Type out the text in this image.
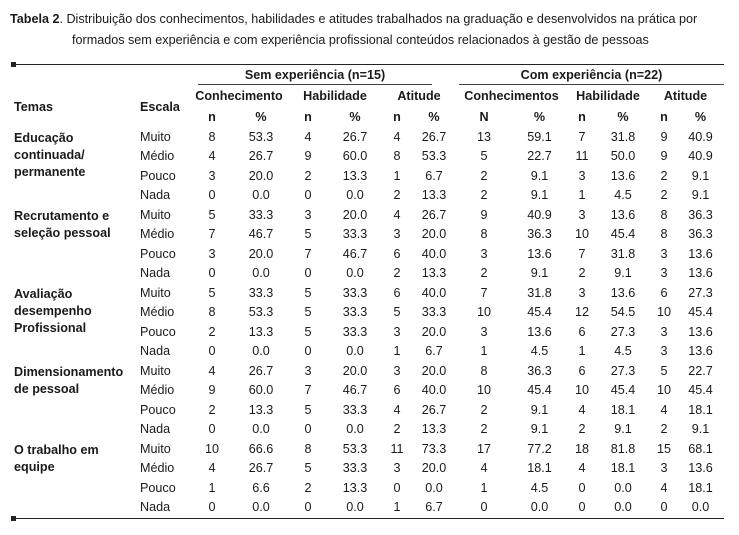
Tabela 2. Distribuição dos conhecimentos, habilidades e atitudes trabalhados na graduação e desenvolvidos na prática por
formados sem experiência e com experiência profissional conteúdos relacionados à gestão de pessoas
Sem experiência (n=15)	Com experiência (n=22)
Temas	Escala	Conhecimento		Habilidade		Atitude		Conhecimentos		Habilidade		Atitude	
		n	%	n	%	n	%	N	%	n	%	n	%

Educação
continuada/
permanente	Muito	8	53.3	4	26.7	4	26.7	13	59.1	7	31.8	9	40.9
	Médio	4	26.7	9	60.0	8	53.3	5	22.7	11	50.0	9	40.9
	Pouco	3	20.0	2	13.3	1	6.7	2	9.1	3	13.6	2	9.1
	Nada	0	0.0	0	0.0	2	13.3	2	9.1	1	4.5	2	9.1

Recrutamento e
seleção pessoal	Muito	5	33.3	3	20.0	4	26.7	9	40.9	3	13.6	8	36.3
	Médio	7	46.7	5	33.3	3	20.0	8	36.3	10	45.4	8	36.3
	Pouco	3	20.0	7	46.7	6	40.0	3	13.6	7	31.8	3	13.6
	Nada	0	0.0	0	0.0	2	13.3	2	9.1	2	9.1	3	13.6

Avaliação
desempenho
Profissional	Muito	5	33.3	5	33.3	6	40.0	7	31.8	3	13.6	6	27.3
	Médio	8	53.3	5	33.3	5	33.3	10	45.4	12	54.5	10	45.4
	Pouco	2	13.3	5	33.3	3	20.0	3	13.6	6	27.3	3	13.6
	Nada	0	0.0	0	0.0	1	6.7	1	4.5	1	4.5	3	13.6

Dimensionamento
de pessoal	Muito	4	26.7	3	20.0	3	20.0	8	36.3	6	27.3	5	22.7
	Médio	9	60.0	7	46.7	6	40.0	10	45.4	10	45.4	10	45.4
	Pouco	2	13.3	5	33.3	4	26.7	2	9.1	4	18.1	4	18.1
	Nada	0	0.0	0	0.0	2	13.3	2	9.1	2	9.1	2	9.1

O trabalho em
equipe	Muito	10	66.6	8	53.3	11	73.3	17	77.2	18	81.8	15	68.1
	Médio	4	26.7	5	33.3	3	20.0	4	18.1	4	18.1	3	13.6
	Pouco	1	6.6	2	13.3	0	0.0	1	4.5	0	0.0	4	18.1
	Nada	0	0.0	0	0.0	1	6.7	0	0.0	0	0.0	0	0.0
